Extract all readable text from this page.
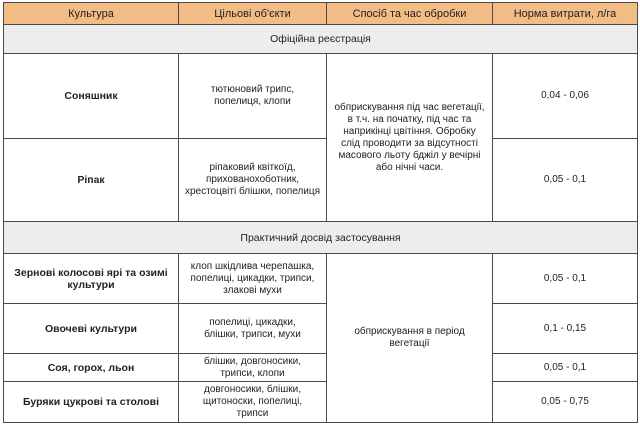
Культура	Цільові об'єкти	Спосіб та час обробки	Норма витрати, л/га
Офіційна реєстрація			
Соняшник	тютюновий трипс, попелиця, клопи	обприскування під час вегетації, в т.ч. на початку, під час та наприкінці цвітіння. Обробку слід проводити за відсутності масового льоту бджіл у вечірні або нічні часи.	0,04 - 0,06
Ріпак	ріпаковий квіткоїд, прихованохоботник, хрестоцвіті блішки, попелиця		0,05 - 0,1
Практичний досвід застосування			
Зернові колосові ярі та озимі культури	клоп шкідлива черепашка, попелиці, цикадки, трипси, злакові мухи	обприскування в період вегетації	0,05 - 0,1
Овочеві культури	попелиці, цикадки, блішки, трипси, мухи		0,1 - 0,15
Соя, горох, льон	блішки, довгоносики, трипси, клопи		0,05 - 0,1
Буряки цукрові та столові	довгоносики, блішки, щитоноски, попелиці, трипси		0,05 - 0,75
